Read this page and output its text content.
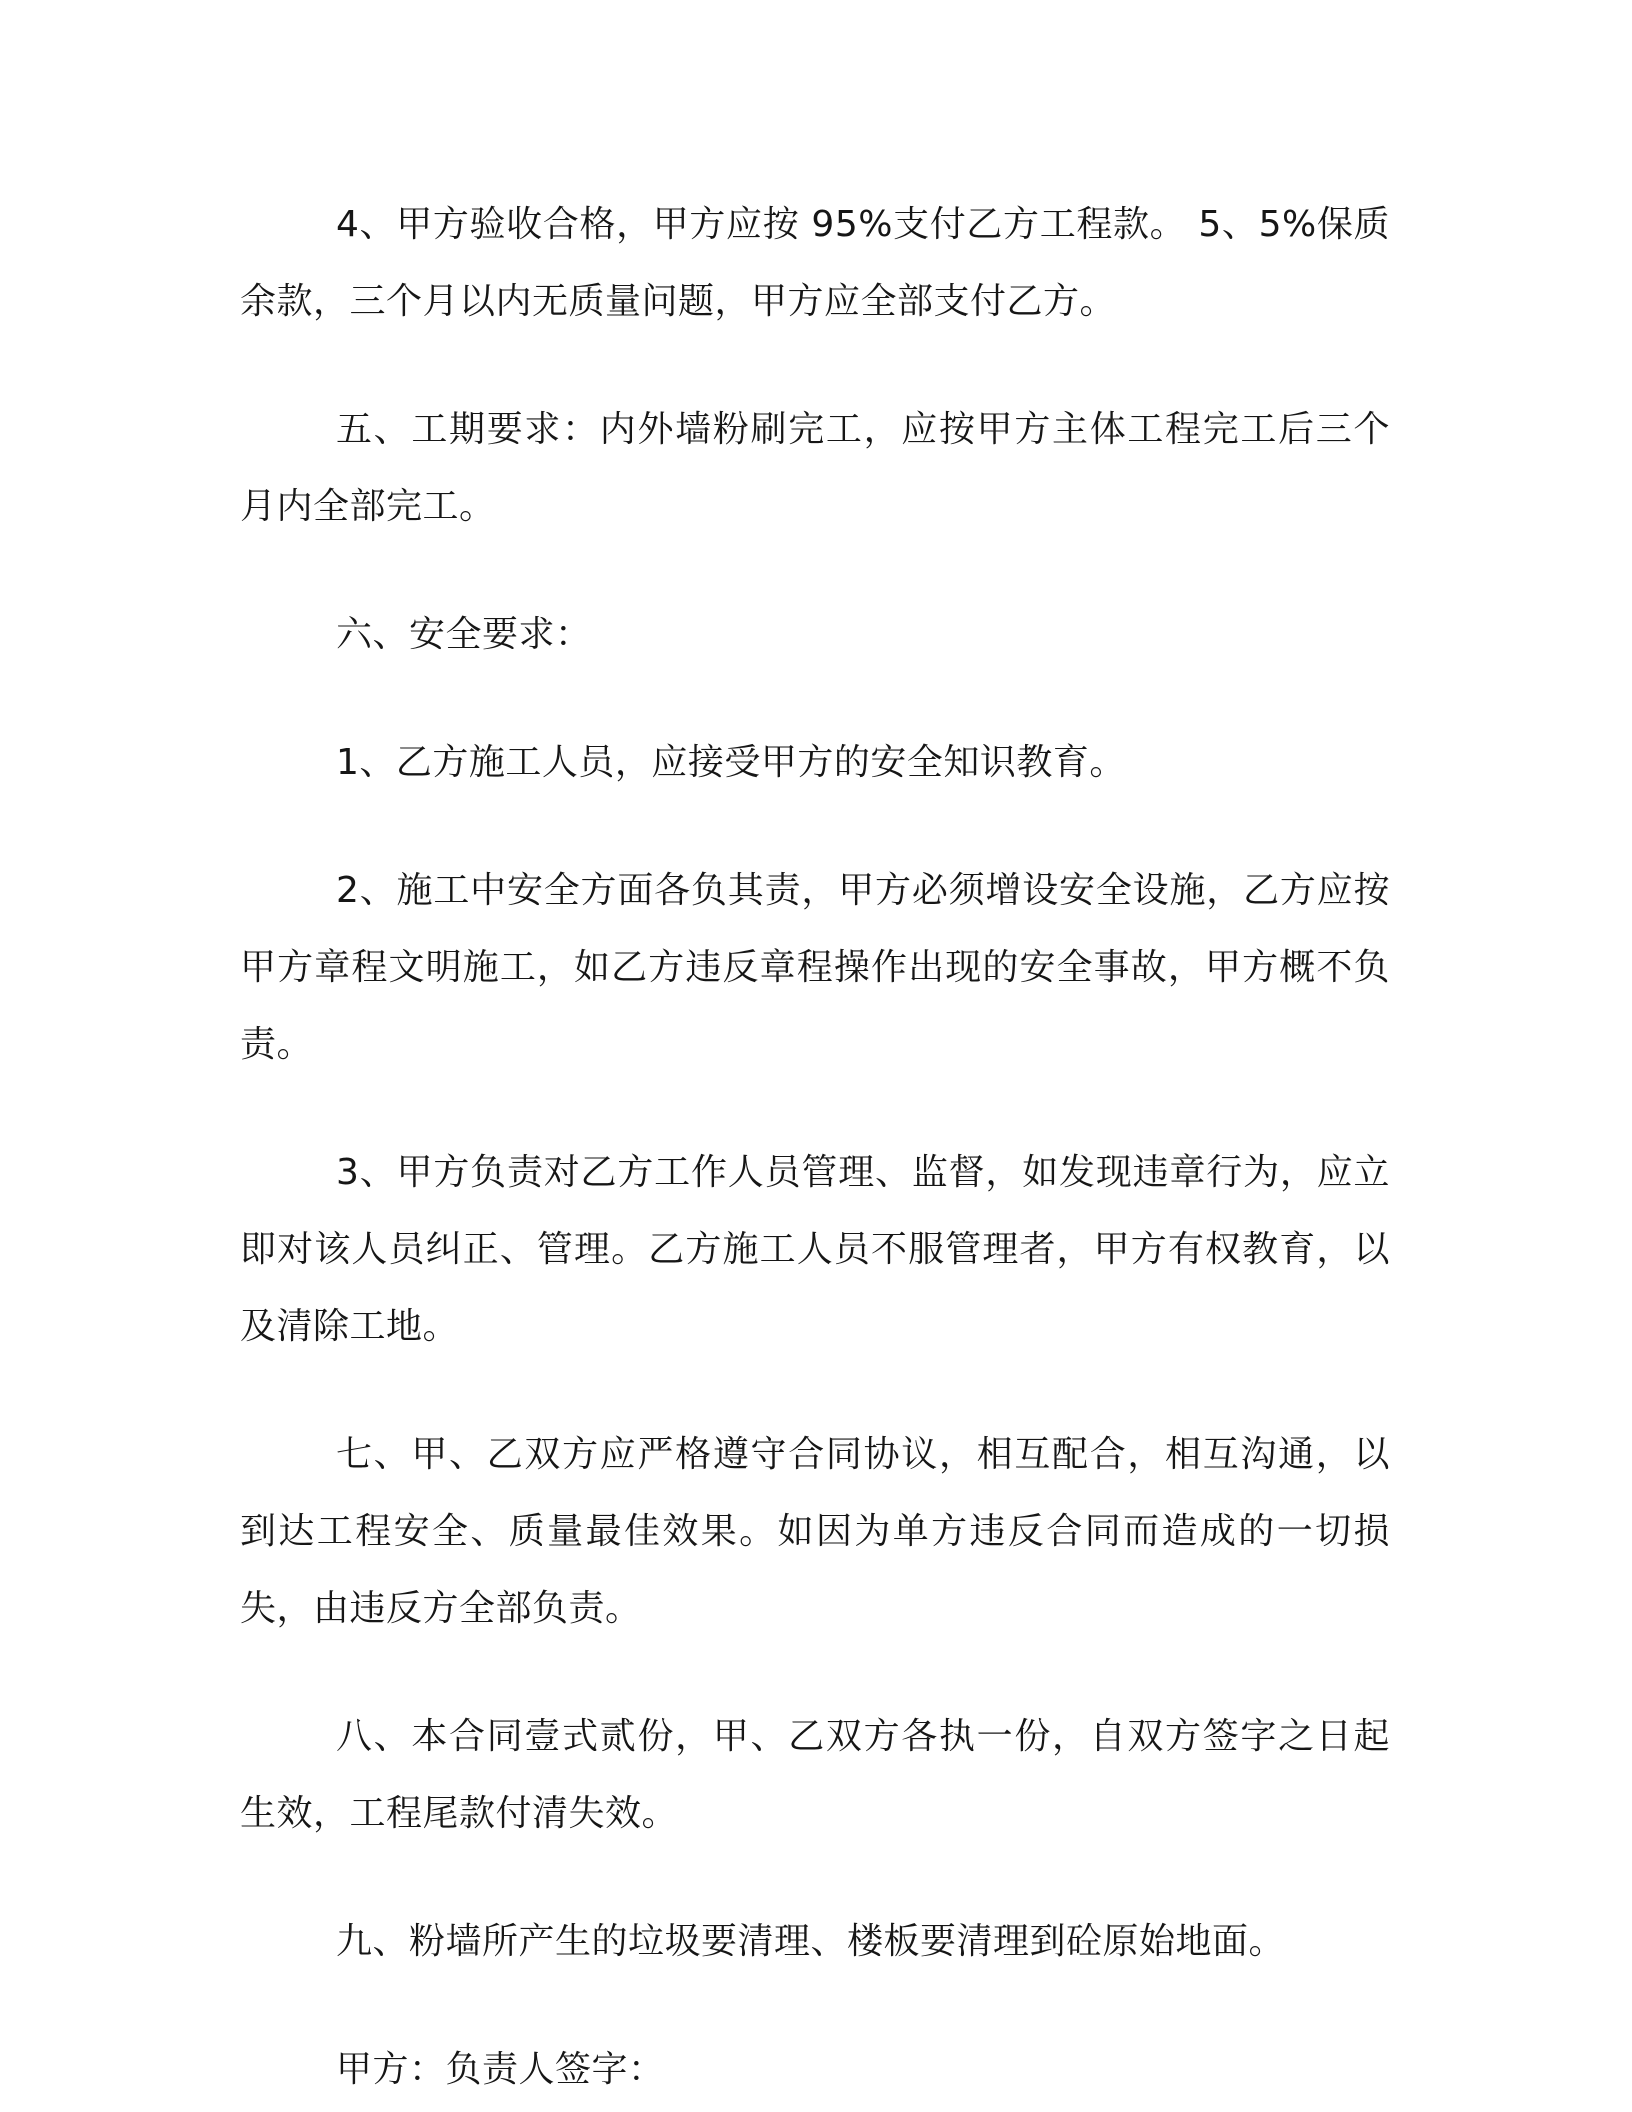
4、甲方验收合格，甲方应按 95%支付乙方工程款。 5、5%保质余款，三个月以内无质量问题，甲方应全部支付乙方。

五、工期要求：内外墙粉刷完工，应按甲方主体工程完工后三个月内全部完工。

六、安全要求：

1、乙方施工人员，应接受甲方的安全知识教育。

2、施工中安全方面各负其责，甲方必须增设安全设施，乙方应按甲方章程文明施工，如乙方违反章程操作出现的安全事故，甲方概不负责。

3、甲方负责对乙方工作人员管理、监督，如发现违章行为，应立即对该人员纠正、管理。乙方施工人员不服管理者，甲方有权教育，以及清除工地。

七、甲、乙双方应严格遵守合同协议，相互配合，相互沟通，以到达工程安全、质量最佳效果。如因为单方违反合同而造成的一切损失，由违反方全部负责。

八、本合同壹式贰份，甲、乙双方各执一份，自双方签字之日起生效，工程尾款付清失效。

九、粉墙所产生的垃圾要清理、楼板要清理到砼原始地面。

甲方：负责人签字：
